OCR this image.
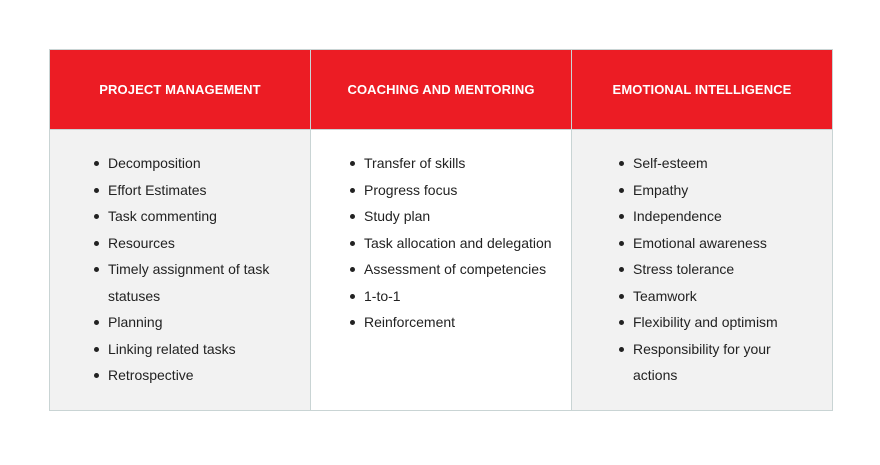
PROJECT MANAGEMENT
Decomposition
Effort Estimates
Task commenting
Resources
Timely assignment of task statuses
Planning
Linking related tasks
Retrospective
COACHING AND MENTORING
Transfer of skills
Progress focus
Study plan
Task allocation and delegation
Assessment of competencies
1-to-1
Reinforcement
EMOTIONAL INTELLIGENCE
Self-esteem
Empathy
Independence
Emotional awareness
Stress tolerance
Teamwork
Flexibility and optimism
Responsibility for your actions
